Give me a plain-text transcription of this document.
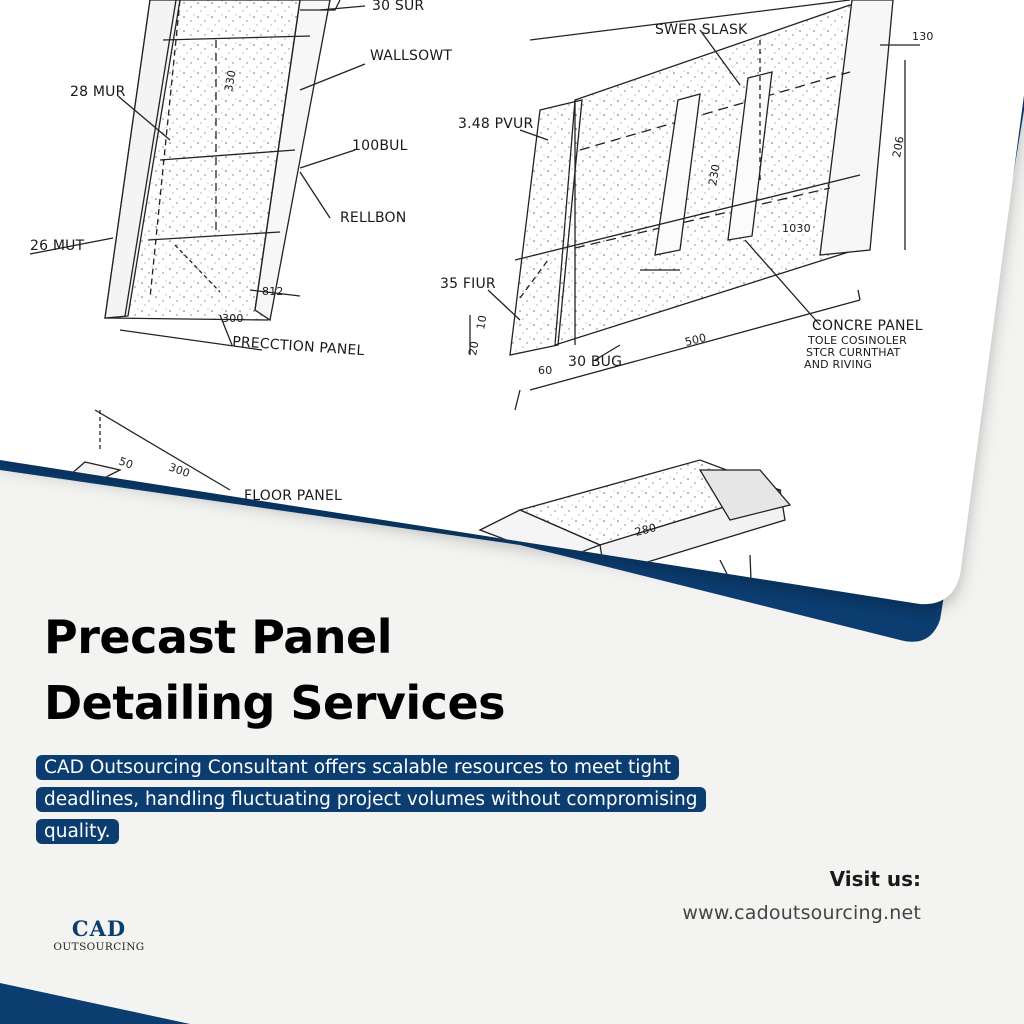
30 SUR
WALLSOWT
28 MUR	330
100BUL
RELLBON
26 MUT
300
812
PRECCTION PANEL
SWER SLASK	130
3.48 PVUR
206
230
1030
35 FIUR
10
20
60
30 BUG
500
CONCRE PANEL
TOLE COSINOLER
STCR CURNTHAT
AND RIVING
50	300
FLOOR PANEL
280
Precast Panel
Detailing Services
CAD Outsourcing Consultant offers scalable resources to meet tight deadlines, handling fluctuating project volumes without compromising quality.
Visit us:
www.cadoutsourcing.net
CAD
OUTSOURCING
